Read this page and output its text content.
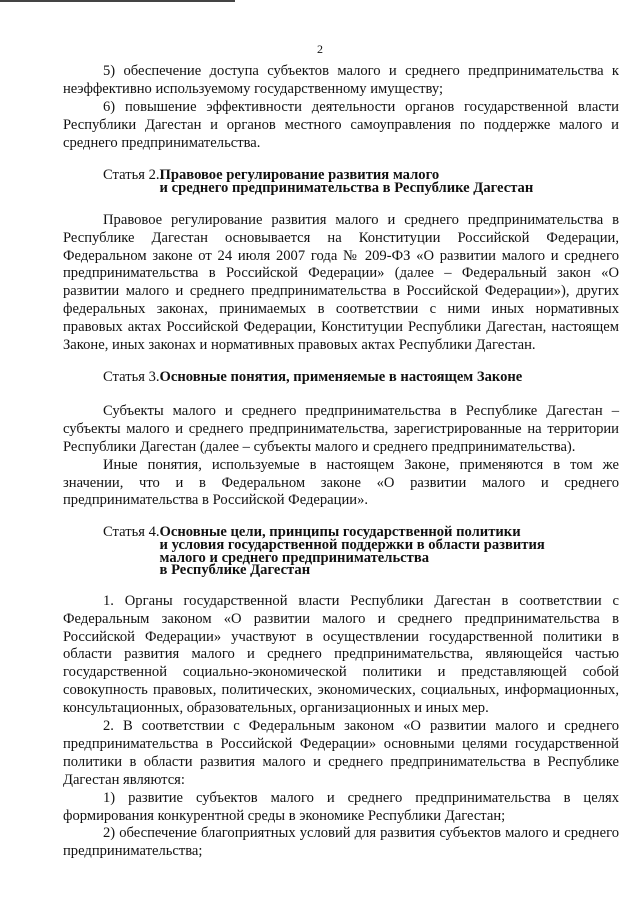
2

5) обеспечение доступа субъектов малого и среднего предпринимательства к неэффективно используемому государственному имуществу;

6) повышение эффективности деятельности органов государственной власти Республики Дагестан и органов местного самоуправления по поддержке малого и среднего предпринимательства.

Статья 2. Правовое регулирование развития малого
и среднего предпринимательства в Республике Дагестан

Правовое регулирование развития малого и среднего предпринимательства в Республике Дагестан основывается на Конституции Российской Федерации, Федеральном законе от 24 июля 2007 года № 209-ФЗ «О развитии малого и среднего предпринимательства в Российской Федерации» (далее – Федеральный закон «О развитии малого и среднего предпринимательства в Российской Федерации»), других федеральных законах, принимаемых в соответствии с ними иных нормативных правовых актах Российской Федерации, Конституции Республики Дагестан, настоящем Законе, иных законах и нормативных правовых актах Республики Дагестан.

Статья 3. Основные понятия, применяемые в настоящем Законе

Субъекты малого и среднего предпринимательства в Республике Дагестан – субъекты малого и среднего предпринимательства, зарегистрированные на территории Республики Дагестан (далее – субъекты малого и среднего предпринимательства).

Иные понятия, используемые в настоящем Законе, применяются в том же значении, что и в Федеральном законе «О развитии малого и среднего предпринимательства в Российской Федерации».

Статья 4. Основные цели, принципы государственной политики
и условия государственной поддержки в области развития
малого и среднего предпринимательства
в Республике Дагестан

1. Органы государственной власти Республики Дагестан в соответствии с Федеральным законом «О развитии малого и среднего предпринимательства в Российской Федерации» участвуют в осуществлении государственной политики в области развития малого и среднего предпринимательства, являющейся частью государственной социально-экономической политики и представляющей собой совокупность правовых, политических, экономических, социальных, информационных, консультационных, образовательных, организационных и иных мер.

2. В соответствии с Федеральным законом «О развитии малого и среднего предпринимательства в Российской Федерации» основными целями государственной политики в области развития малого и среднего предпринимательства в Республике Дагестан являются:

1) развитие субъектов малого и среднего предпринимательства в целях формирования конкурентной среды в экономике Республики Дагестан;

2) обеспечение благоприятных условий для развития субъектов малого и среднего предпринимательства;
